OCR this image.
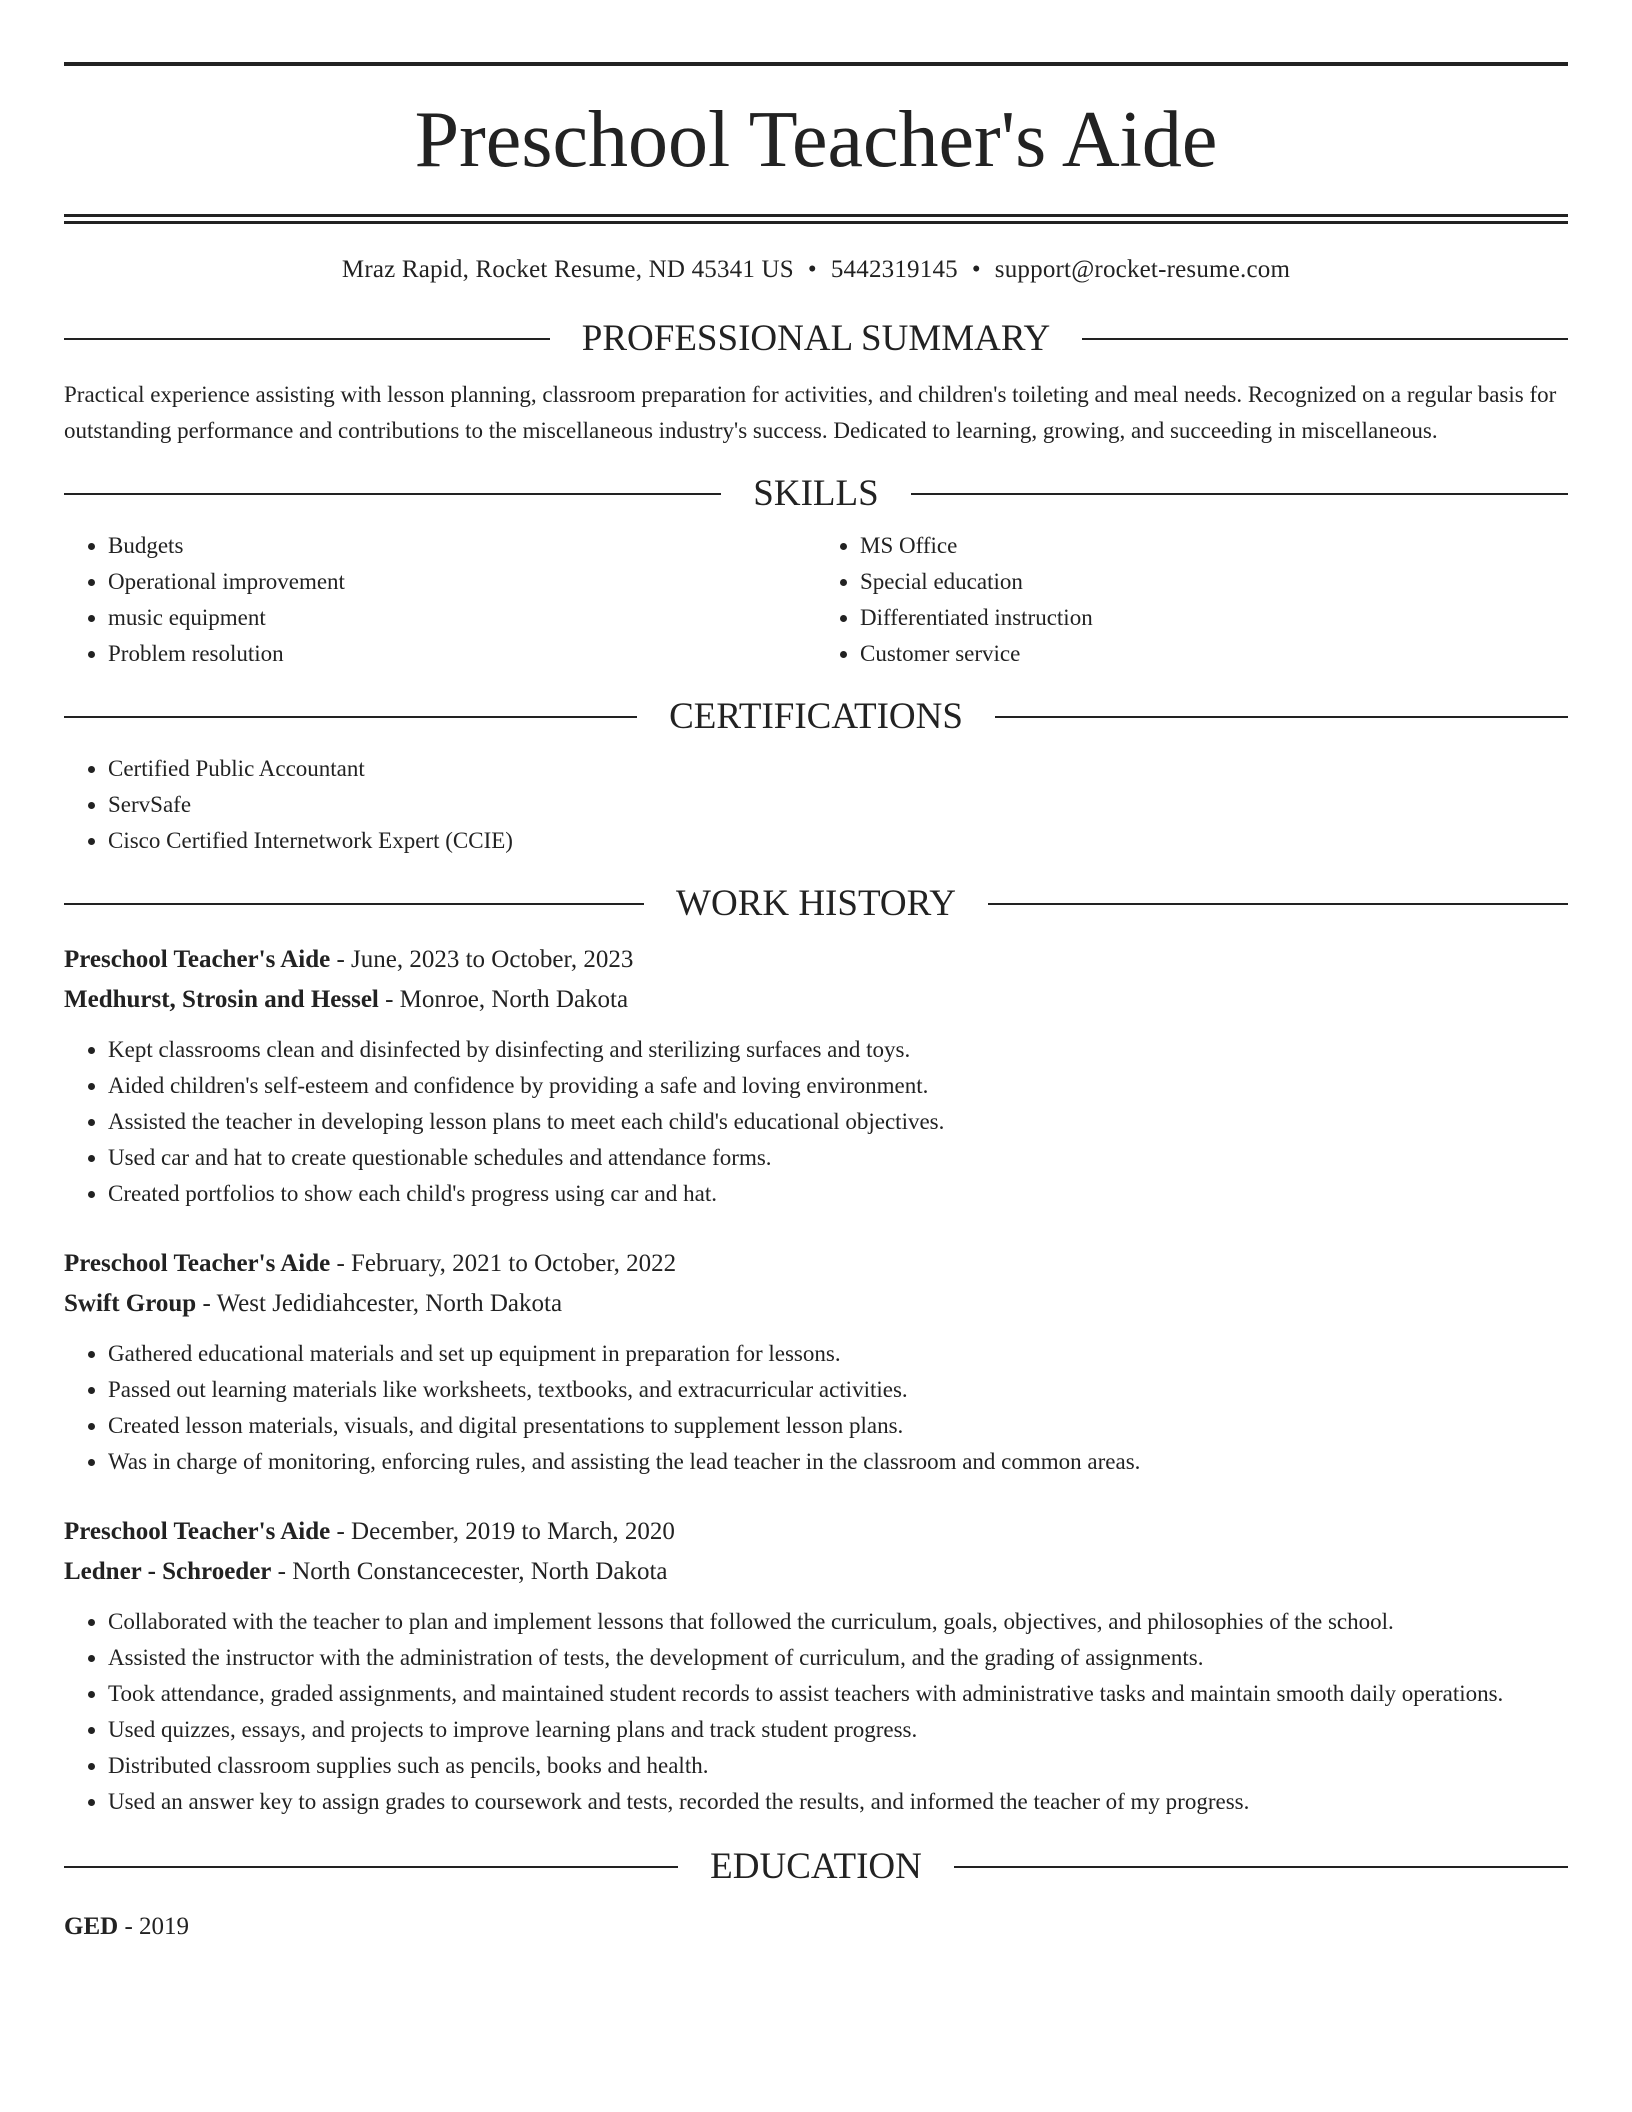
Preschool Teacher's Aide
Mraz Rapid, Rocket Resume, ND 45341 US • 5442319145 • support@rocket-resume.com
PROFESSIONAL SUMMARY

Practical experience assisting with lesson planning, classroom preparation for activities, and children's toileting and meal needs. Recognized on a regular basis for outstanding performance and contributions to the miscellaneous industry's success. Dedicated to learning, growing, and succeeding in miscellaneous.

SKILLS
• Budgets
• Operational improvement
• music equipment
• Problem resolution
• MS Office
• Special education
• Differentiated instruction
• Customer service
CERTIFICATIONS
• Certified Public Accountant
• ServSafe
• Cisco Certified Internetwork Expert (CCIE)
WORK HISTORY
Preschool Teacher's Aide - June, 2023 to October, 2023
Medhurst, Strosin and Hessel - Monroe, North Dakota
• Kept classrooms clean and disinfected by disinfecting and sterilizing surfaces and toys.
• Aided children's self-esteem and confidence by providing a safe and loving environment.
• Assisted the teacher in developing lesson plans to meet each child's educational objectives.
• Used car and hat to create questionable schedules and attendance forms.
• Created portfolios to show each child's progress using car and hat.
Preschool Teacher's Aide - February, 2021 to October, 2022
Swift Group - West Jedidiahcester, North Dakota
• Gathered educational materials and set up equipment in preparation for lessons.
• Passed out learning materials like worksheets, textbooks, and extracurricular activities.
• Created lesson materials, visuals, and digital presentations to supplement lesson plans.
• Was in charge of monitoring, enforcing rules, and assisting the lead teacher in the classroom and common areas.
Preschool Teacher's Aide - December, 2019 to March, 2020
Ledner - Schroeder - North Constancecester, North Dakota
• Collaborated with the teacher to plan and implement lessons that followed the curriculum, goals, objectives, and philosophies of the school.
• Assisted the instructor with the administration of tests, the development of curriculum, and the grading of assignments.
• Took attendance, graded assignments, and maintained student records to assist teachers with administrative tasks and maintain smooth daily operations.
• Used quizzes, essays, and projects to improve learning plans and track student progress.
• Distributed classroom supplies such as pencils, books and health.
• Used an answer key to assign grades to coursework and tests, recorded the results, and informed the teacher of my progress.
EDUCATION
GED - 2019
